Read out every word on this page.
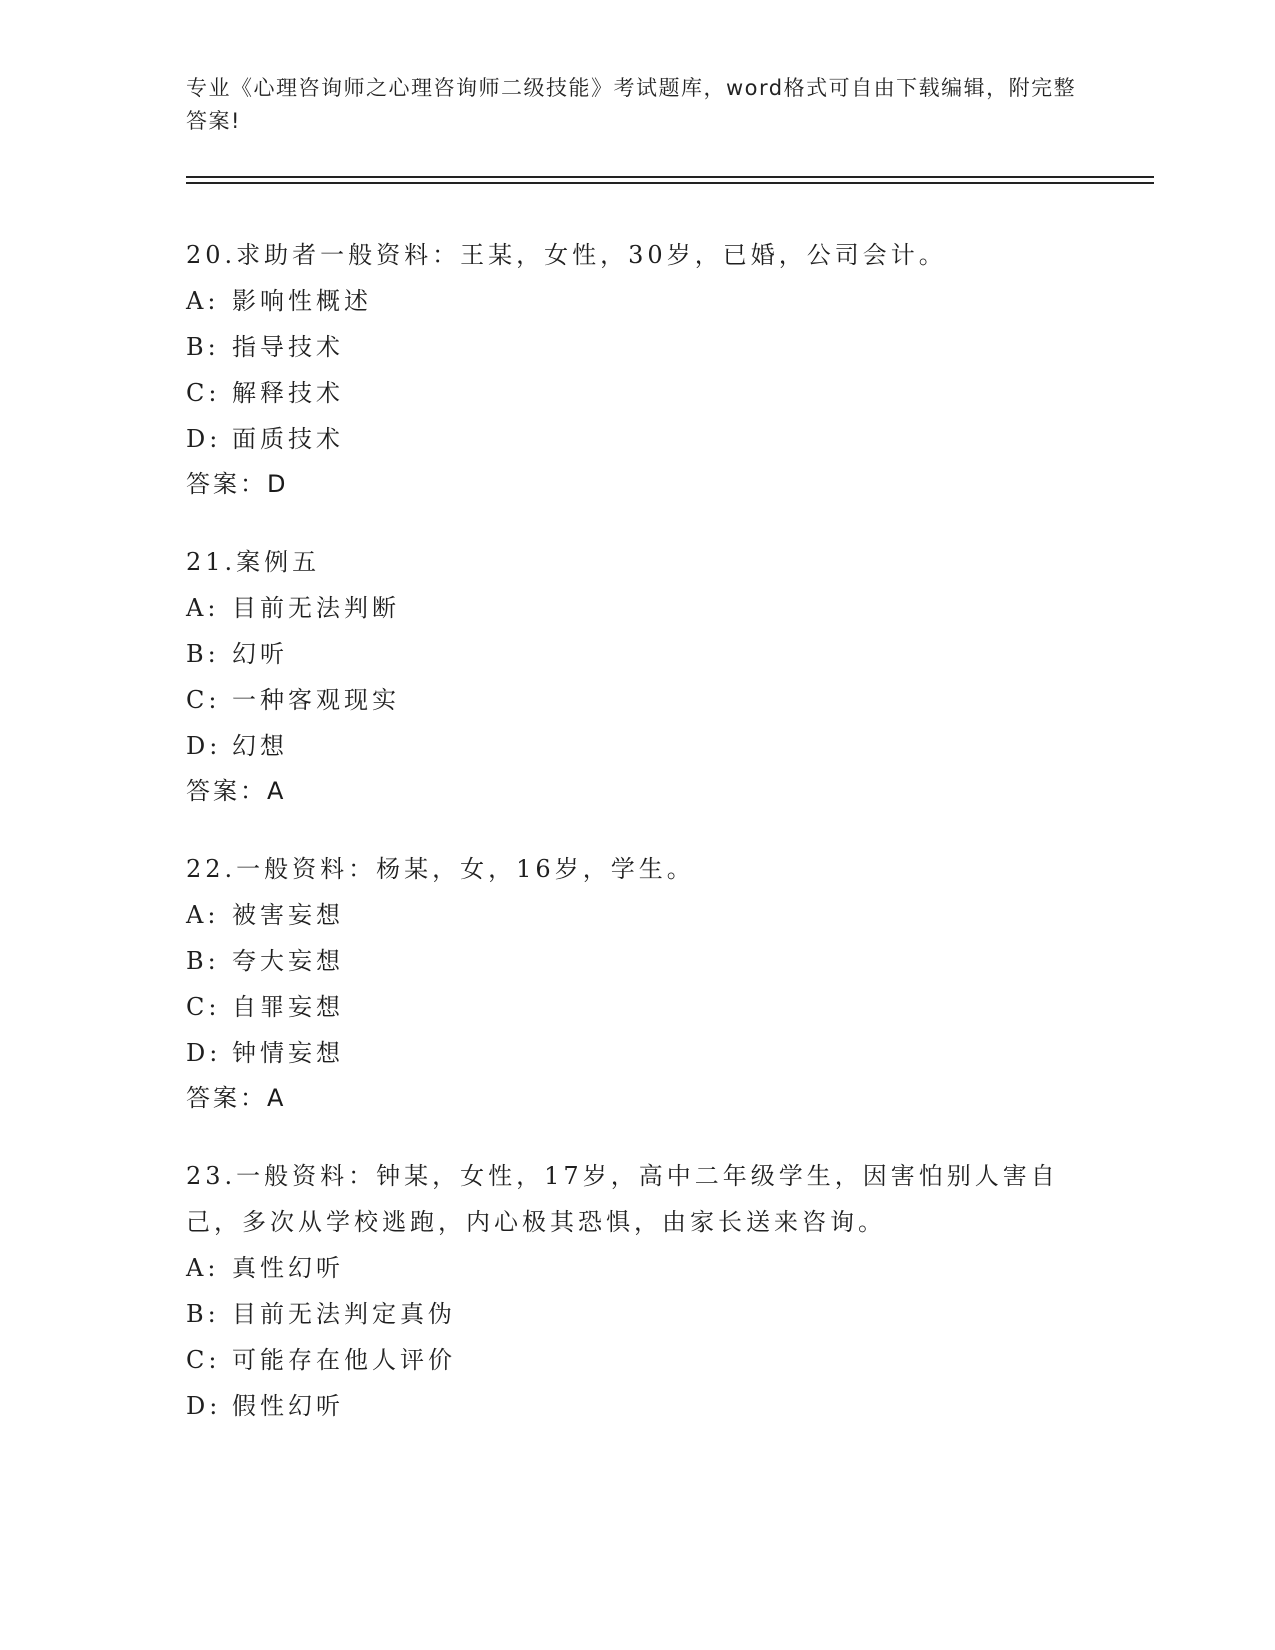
专业《心理咨询师之心理咨询师二级技能》考试题库，word格式可自由下载编辑，附完整答案!
20.求助者一般资料：王某，女性，30岁，已婚，公司会计。
A: 影响性概述
B: 指导技术
C: 解释技术
D: 面质技术
答案：D
21.案例五
A: 目前无法判断
B: 幻听
C: 一种客观现实
D: 幻想
答案：A
22.一般资料：杨某，女，16岁，学生。
A: 被害妄想
B: 夸大妄想
C: 自罪妄想
D: 钟情妄想
答案：A
23.一般资料：钟某，女性，17岁，高中二年级学生，因害怕别人害自己，多次从学校逃跑，内心极其恐惧，由家长送来咨询。
A: 真性幻听
B: 目前无法判定真伪
C: 可能存在他人评价
D: 假性幻听
